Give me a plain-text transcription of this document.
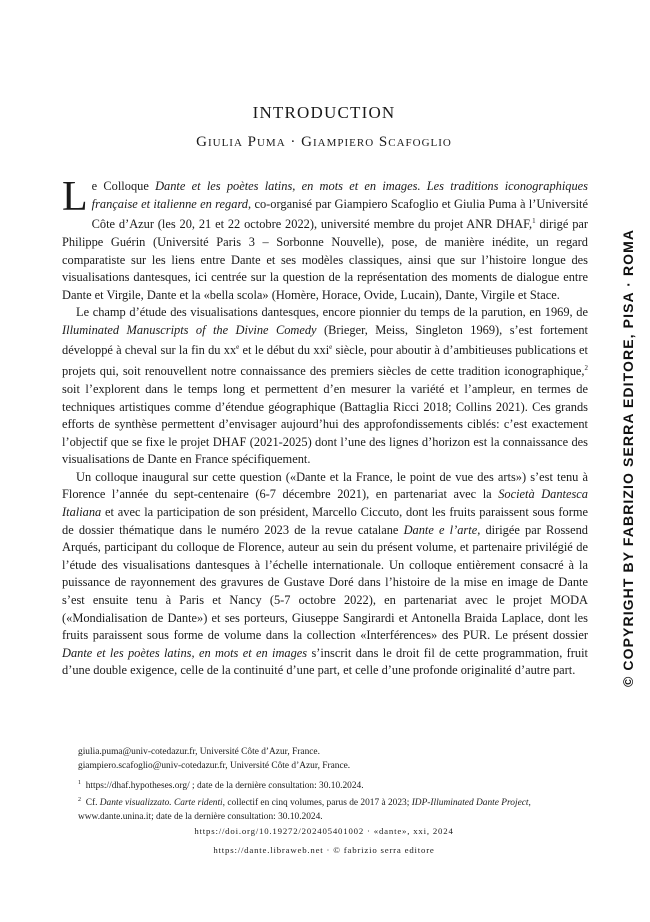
INTRODUCTION
Giulia Puma · Giampiero Scafoglio

Le Colloque Dante et les poètes latins, en mots et en images. Les traditions iconographiques française et italienne en regard, co-organisé par Giampiero Scafoglio et Giulia Puma à l’Université Côte d’Azur (les 20, 21 et 22 octobre 2022), université membre du projet ANR DHAF,$^1$ dirigé par Philippe Guérin (Université Paris 3 – Sorbonne Nouvelle), pose, de manière inédite, un regard comparatiste sur les liens entre Dante et ses modèles classiques, ainsi que sur l’histoire longue des visualisations dantesques, ici centrée sur la question de la représentation des moments de dialogue entre Dante et Virgile, Dante et la «bella scola» (Homère, Horace, Ovide, Lucain), Dante, Virgile et Stace.

Le champ d’étude des visualisations dantesques, encore pionnier du temps de la parution, en 1969, de Illuminated Manuscripts of the Divine Comedy (Brieger, Meiss, Singleton 1969), s’est fortement développé à cheval sur la fin du $xx^e$ et le début du xxi$^e$ siècle, pour aboutir à d’ambitieuses publications et projets qui, soit renouvellent notre connaissance des premiers siècles de cette tradition iconographique,$^2$ soit l’explorent dans le temps long et permettent d’en mesurer la variété et l’ampleur, en termes de techniques artistiques comme d’étendue géographique (Battaglia Ricci 2018; Collins 2021). Ces grands efforts de synthèse permettent d’envisager aujourd’hui des approfondissements ciblés: c’est exactement l’objectif que se fixe le projet DHAF (2021-2025) dont l’une des lignes d’horizon est la connaissance des visualisations de Dante en France spécifiquement.

Un colloque inaugural sur cette question («Dante et la France, le point de vue des arts») s’est tenu à Florence l’année du sept-centenaire (6-7 décembre 2021), en partenariat avec la Società Dantesca Italiana et avec la participation de son président, Marcello Ciccuto, dont les fruits paraissent sous forme de dossier thématique dans le numéro 2023 de la revue catalane Dante e l’arte, dirigée par Rossend Arqués, participant du colloque de Florence, auteur au sein du présent volume, et partenaire privilégié de l’étude des visualisations dantesques à l’échelle internationale. Un colloque entièrement consacré à la puissance de rayonnement des gravures de Gustave Doré dans l’histoire de la mise en image de Dante s’est ensuite tenu à Paris et Nancy (5-7 octobre 2022), en partenariat avec le projet MODA («Mondialisation de Dante») et ses porteurs, Giuseppe Sangirardi et Antonella Braida Laplace, dont les fruits paraissent sous forme de volume dans la collection «Interférences» des PUR. Le présent dossier Dante et les poètes latins, en mots et en images s’inscrit dans le droit fil de cette programmation, fruit d’une double exigence, celle de la continuité d’une part, et celle d’une profonde originalité d’autre part.

giulia.puma@univ-cotedazur.fr, Université Côte d’Azur, France.

giampiero.scafoglio@univ-cotedazur.fr, Université Côte d’Azur, France.

$^1$ https://dhaf.hypotheses.org/ ; date de la dernière consultation: 30.10.2024.

$^2$ Cf. Dante visualizzato. Carte ridenti, collectif en cinq volumes, parus de 2017 à 2023; IDP-Illuminated Dante Project, www.dante.unina.it; date de la dernière consultation: 30.10.2024.

https://doi.org/10.19272/202405401002 · «dante», xxi, 2024
https://dante.libraweb.net · © fabrizio serra editore
© COPYRIGHT BY FABRIZIO SERRA EDITORE, PISA · ROMA
